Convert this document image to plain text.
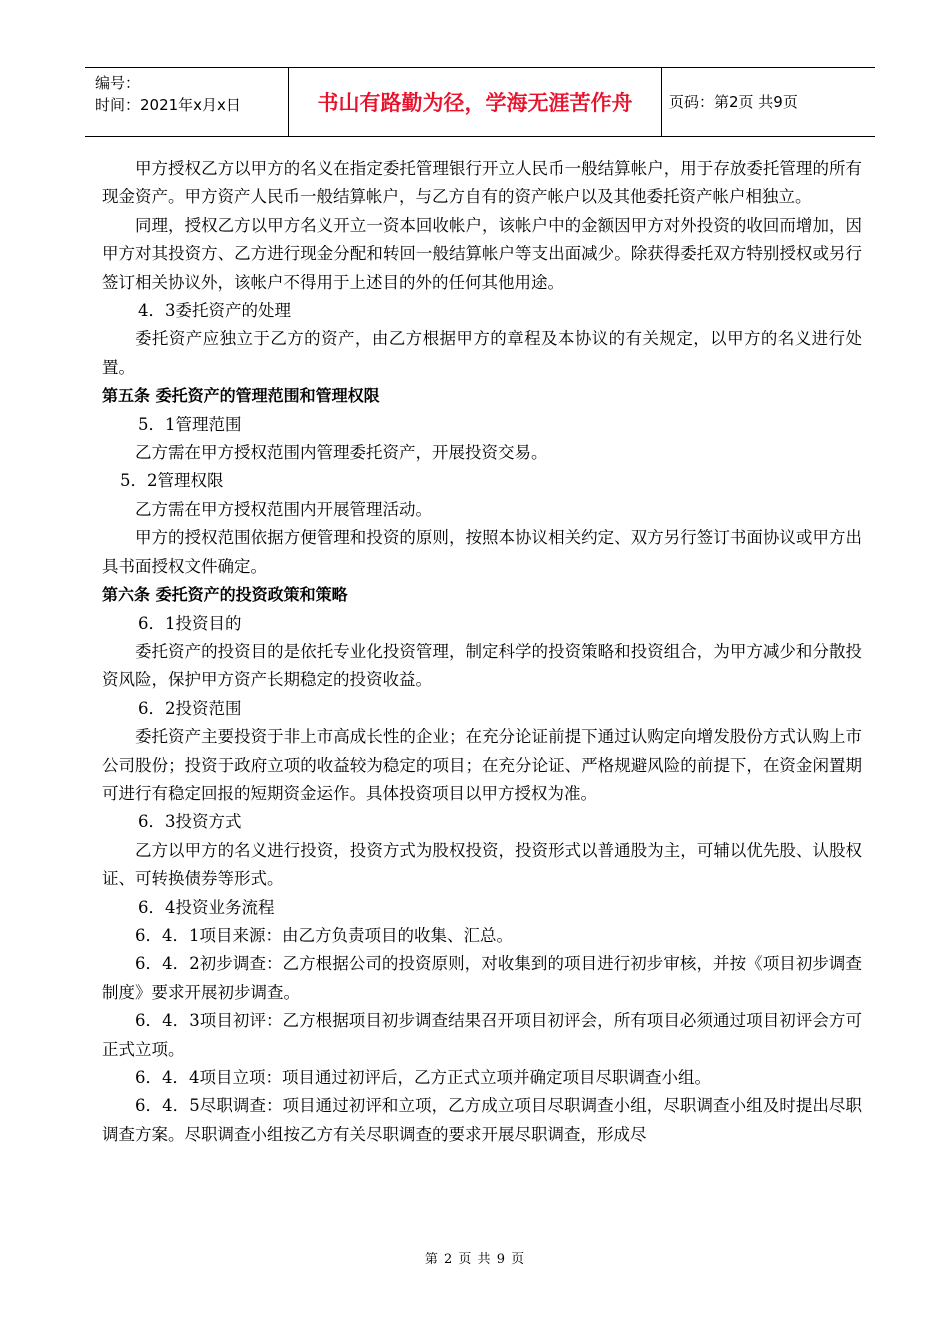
编号：
时间：2021年x月x日	书山有路勤为径，学海无涯苦作舟	页码：第2页 共9页

甲方授权乙方以甲方的名义在指定委托管理银行开立人民币一般结算帐户，用于存放委托管理的所有现金资产。甲方资产人民币一般结算帐户，与乙方自有的资产帐户以及其他委托资产帐户相独立。

同理，授权乙方以甲方名义开立一资本回收帐户，该帐户中的金额因甲方对外投资的收回而增加，因甲方对其投资方、乙方进行现金分配和转回一般结算帐户等支出面减少。除获得委托双方特别授权或另行签订相关协议外，该帐户不得用于上述目的外的任何其他用途。

4．3委托资产的处理

委托资产应独立于乙方的资产，由乙方根据甲方的章程及本协议的有关规定，以甲方的名义进行处置。

第五条 委托资产的管理范围和管理权限

5．1管理范围

乙方需在甲方授权范围内管理委托资产，开展投资交易。

5．2管理权限

乙方需在甲方授权范围内开展管理活动。

甲方的授权范围依据方便管理和投资的原则，按照本协议相关约定、双方另行签订书面协议或甲方出具书面授权文件确定。

第六条 委托资产的投资政策和策略

6．1投资目的

委托资产的投资目的是依托专业化投资管理，制定科学的投资策略和投资组合，为甲方减少和分散投资风险，保护甲方资产长期稳定的投资收益。

6．2投资范围

委托资产主要投资于非上市高成长性的企业；在充分论证前提下通过认购定向增发股份方式认购上市公司股份；投资于政府立项的收益较为稳定的项目；在充分论证、严格规避风险的前提下，在资金闲置期可进行有稳定回报的短期资金运作。具体投资项目以甲方授权为准。

6．3投资方式

乙方以甲方的名义进行投资，投资方式为股权投资，投资形式以普通股为主，可辅以优先股、认股权证、可转换债券等形式。

6．4投资业务流程

6．4．1项目来源：由乙方负责项目的收集、汇总。

6．4．2初步调查：乙方根据公司的投资原则，对收集到的项目进行初步审核，并按《项目初步调查制度》要求开展初步调查。

6．4．3项目初评：乙方根据项目初步调查结果召开项目初评会，所有项目必须通过项目初评会方可正式立项。

6．4．4项目立项：项目通过初评后，乙方正式立项并确定项目尽职调查小组。

6．4．5尽职调查：项目通过初评和立项，乙方成立项目尽职调查小组，尽职调查小组及时提出尽职调查方案。尽职调查小组按乙方有关尽职调查的要求开展尽职调查，形成尽

第 2 页 共 9 页
